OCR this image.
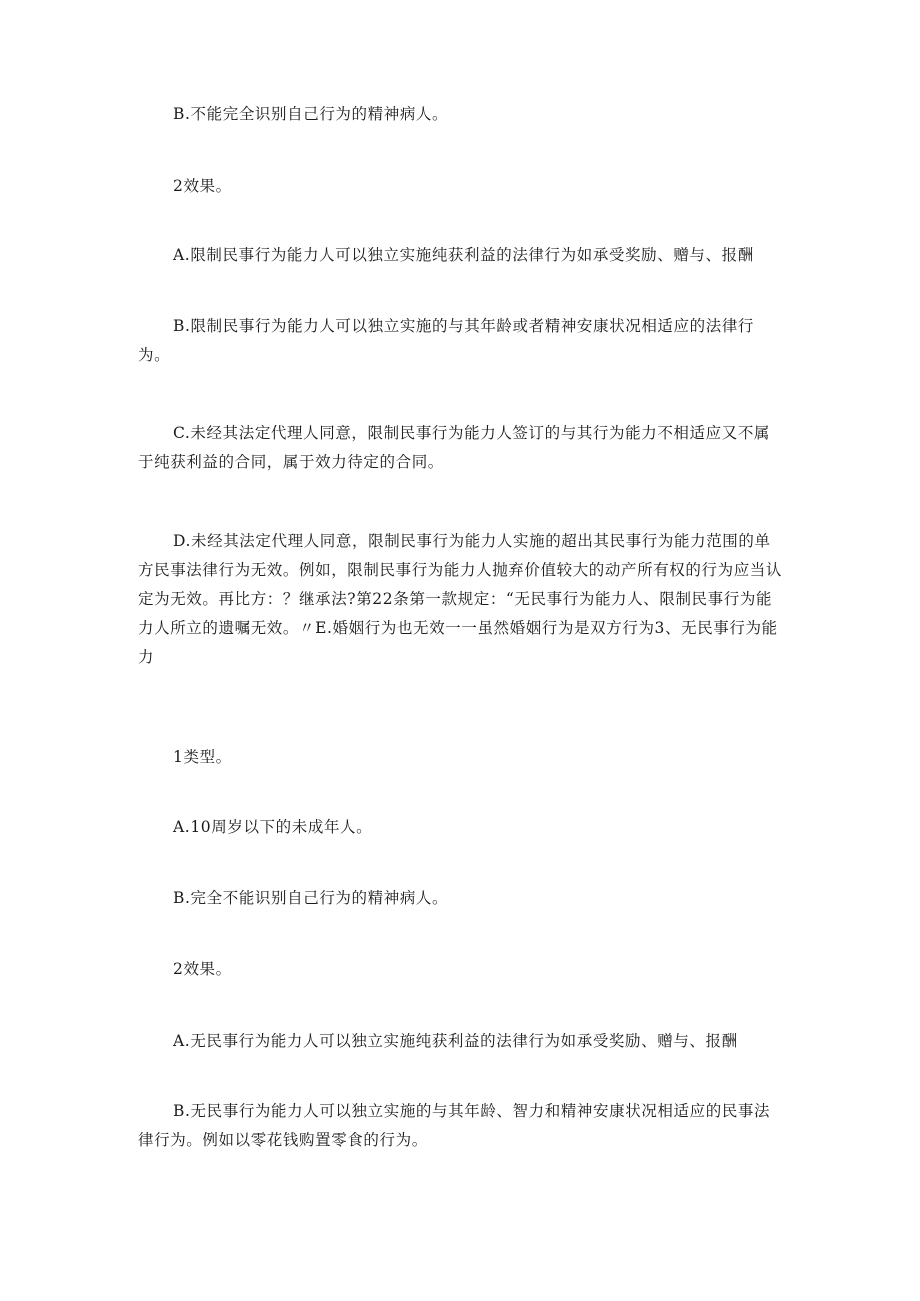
B.不能完全识别自己行为的精神病人。

2效果。

A.限制民事行为能力人可以独立实施纯获利益的法律行为如承受奖励、赠与、报酬

B.限制民事行为能力人可以独立实施的与其年龄或者精神安康状况相适应的法律行为。

C.未经其法定代理人同意，限制民事行为能力人签订的与其行为能力不相适应又不属于纯获利益的合同，属于效力待定的合同。

D.未经其法定代理人同意，限制民事行为能力人实施的超出其民事行为能力范围的单方民事法律行为无效。例如，限制民事行为能力人抛弃价值较大的动产所有权的行为应当认定为无效。再比方：？继承法?第22条第一款规定：“无民事行为能力人、限制民事行为能力人所立的遗嘱无效。〃E.婚姻行为也无效一一虽然婚姻行为是双方行为3、无民事行为能力

1类型。

A.10周岁以下的未成年人。

B.完全不能识别自己行为的精神病人。

2效果。

A.无民事行为能力人可以独立实施纯获利益的法律行为如承受奖励、赠与、报酬

B.无民事行为能力人可以独立实施的与其年龄、智力和精神安康状况相适应的民事法律行为。例如以零花钱购置零食的行为。
